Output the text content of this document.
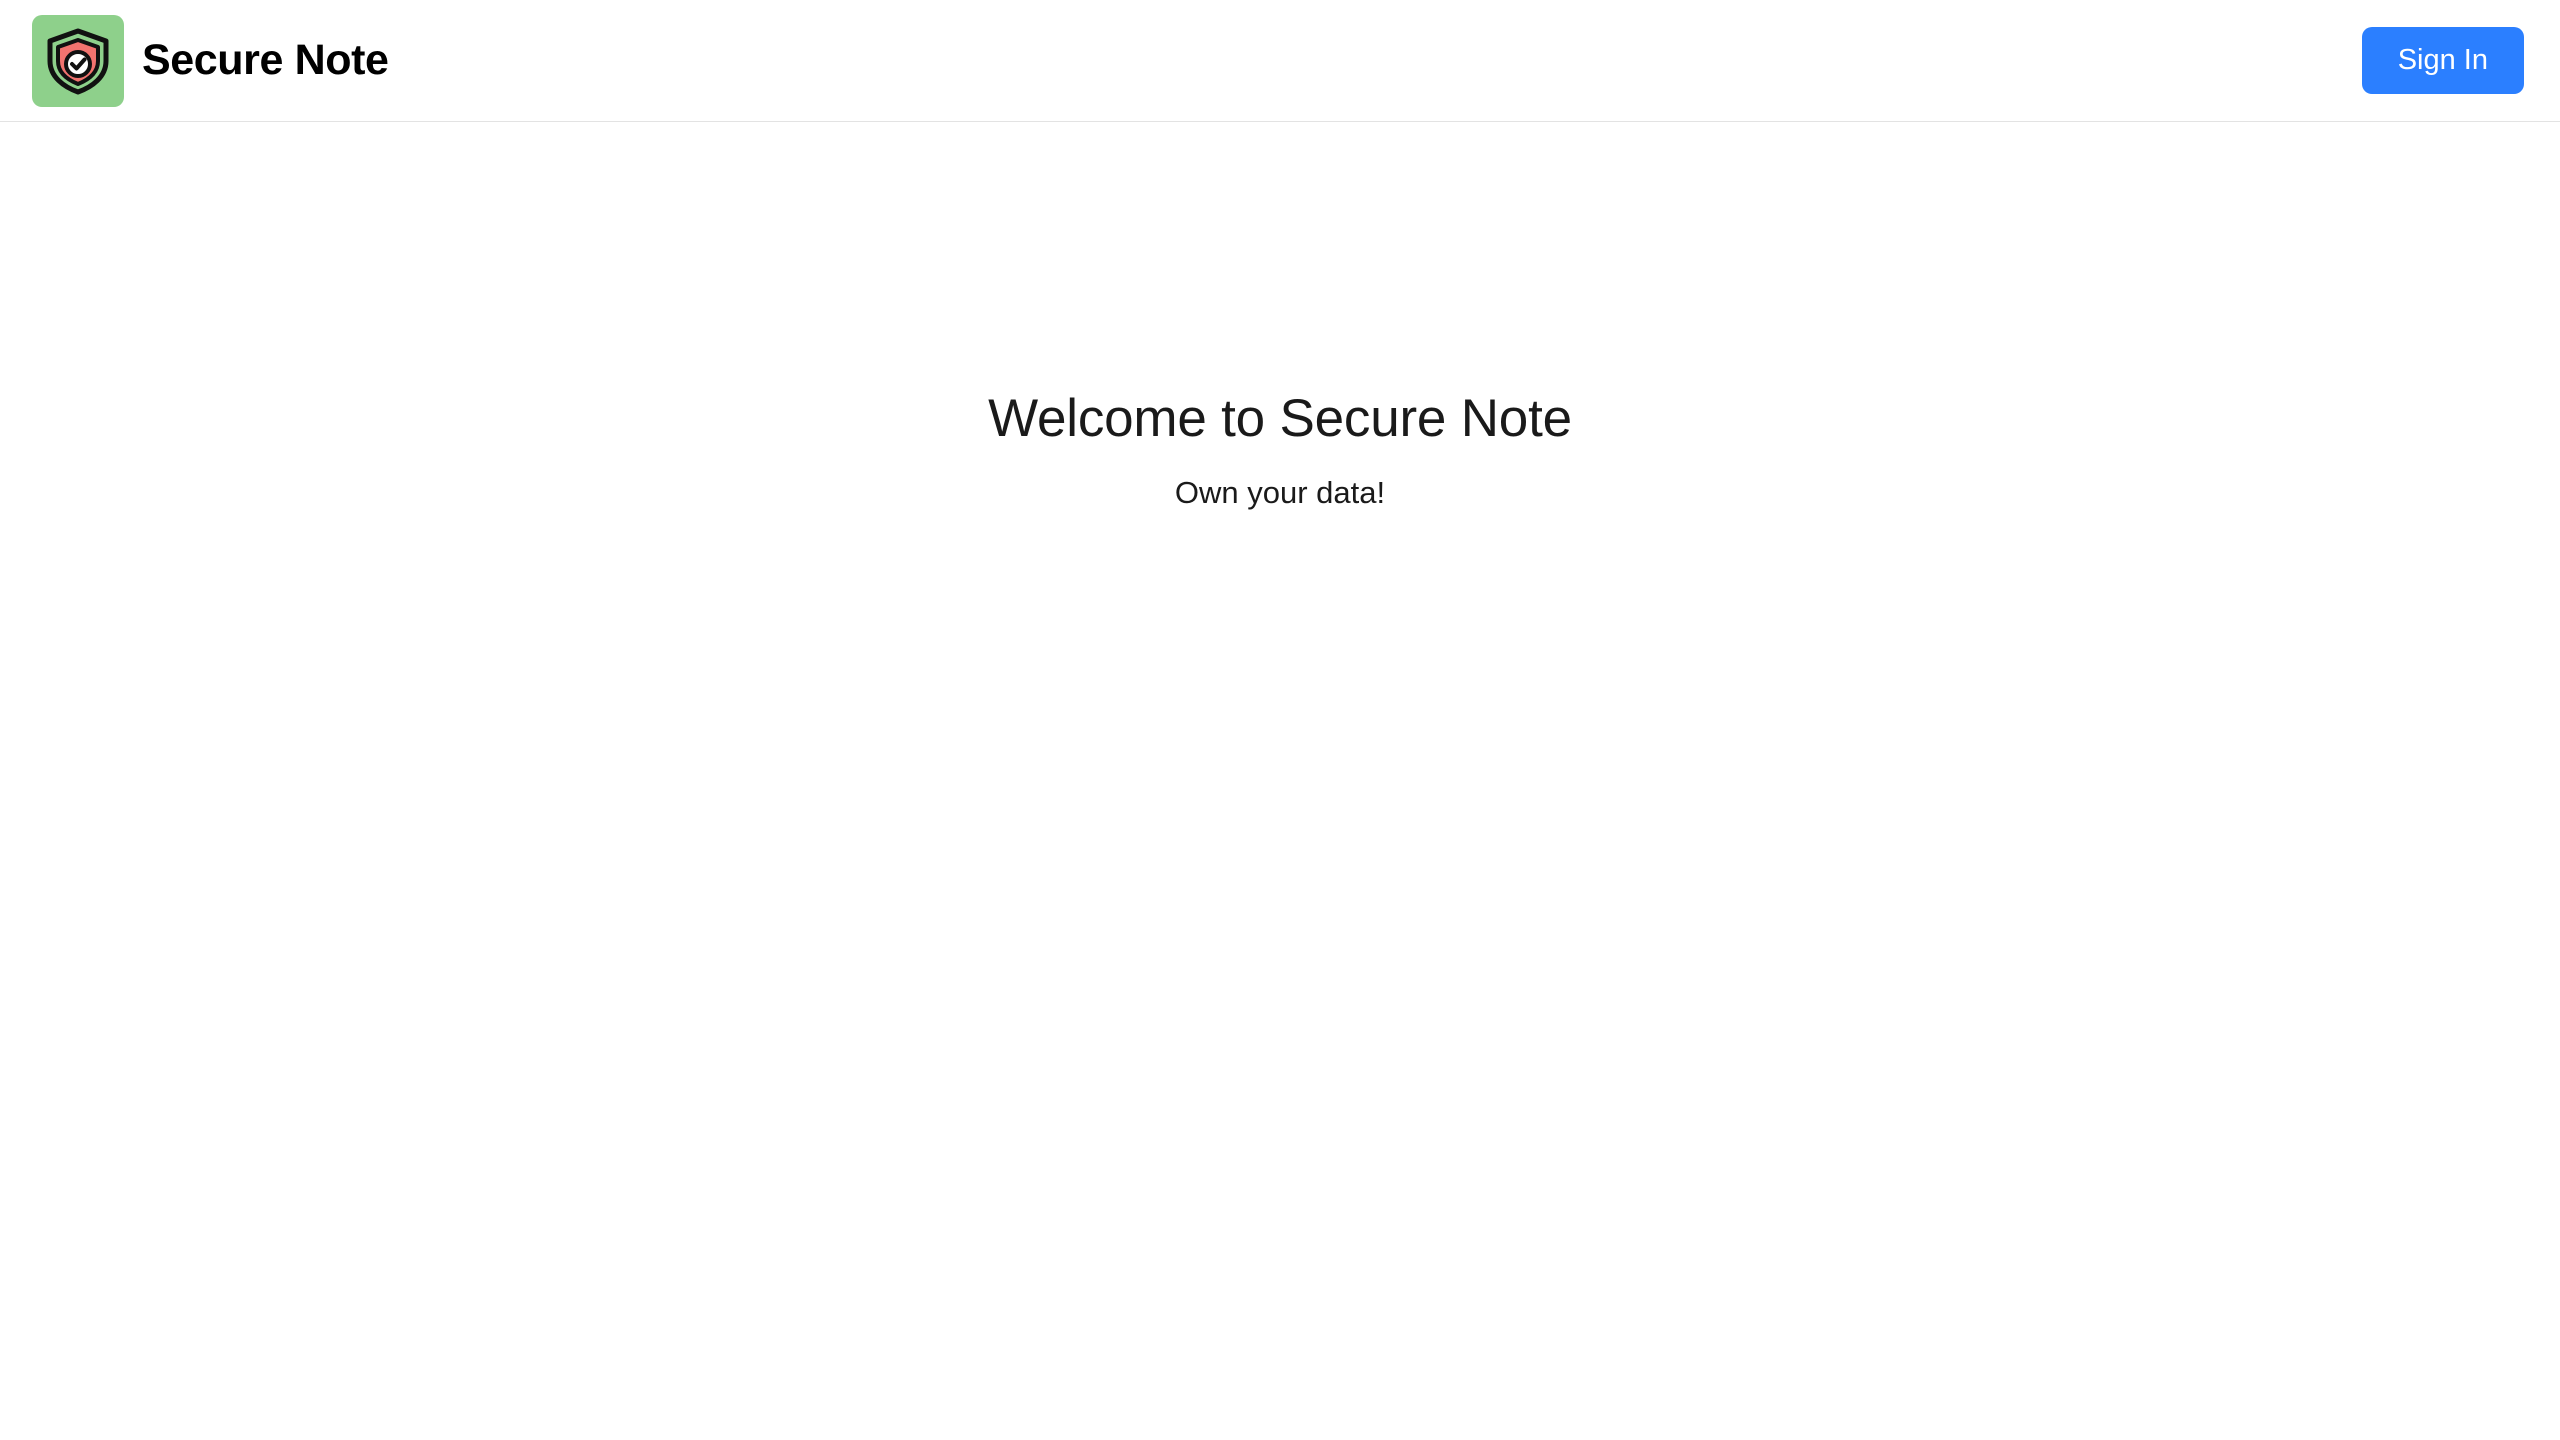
Secure Note	Sign In
Welcome to Secure Note

Own your data!
